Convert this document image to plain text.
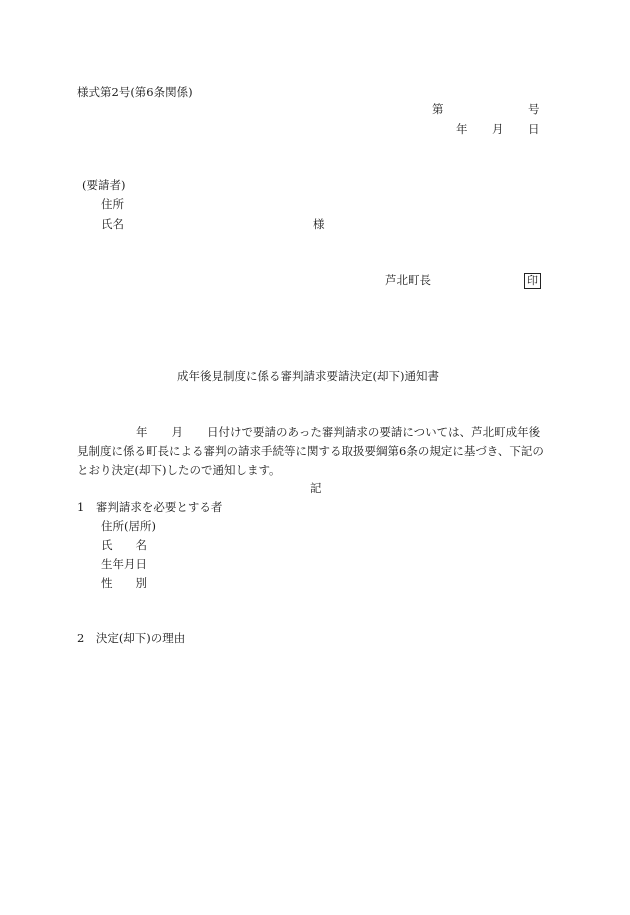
様式第2号(第6条関係)
第	号
年 月 日
(要請者)
住所
氏名	様
芦北町長	印
成年後見制度に係る審判請求要請決定(却下)通知書
年 月 日付けで要請のあった審判請求の要請については、芦北町成年後
見制度に係る町長による審判の請求手続等に関する取扱要綱第6条の規定に基づき、下記の
とおり決定(却下)したので通知します。
記
1　審判請求を必要とする者
住所(居所)
氏　　名
生年月日
性　　別
2　決定(却下)の理由
